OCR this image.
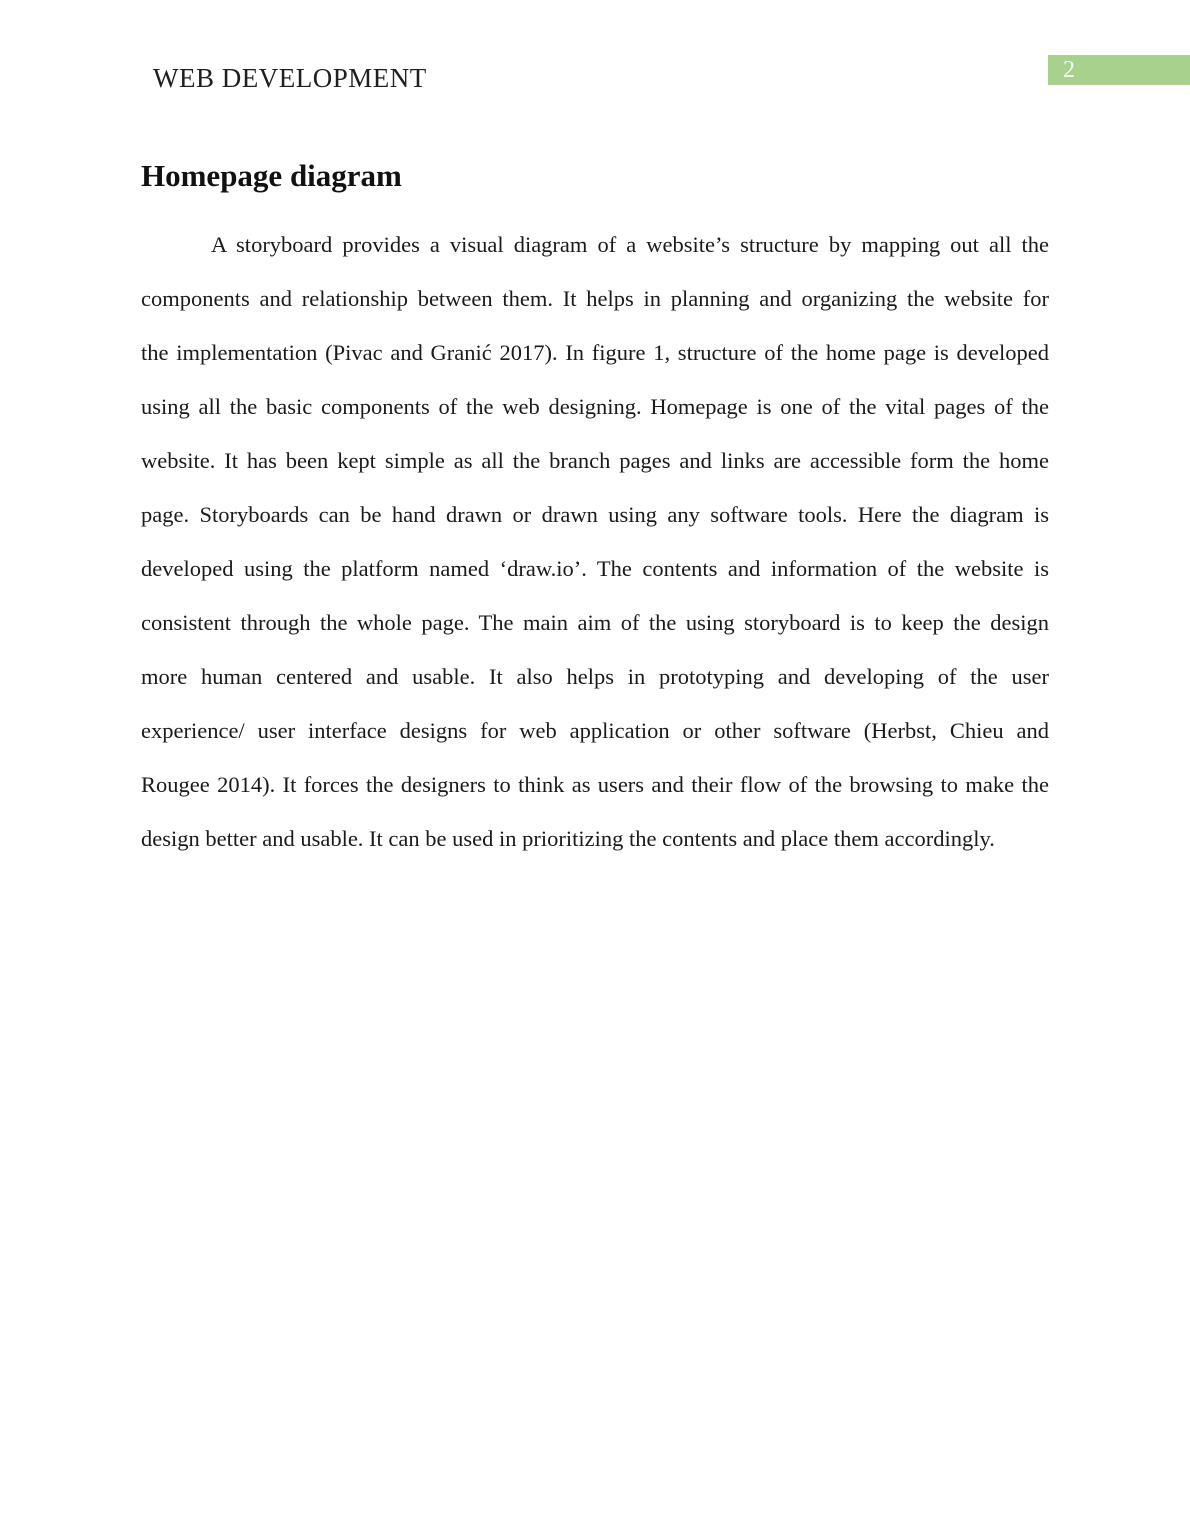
WEB DEVELOPMENT	2
Homepage diagram
A storyboard provides a visual diagram of a website’s structure by mapping out all the
components and relationship between them. It helps in planning and organizing the website for
the implementation (Pivac and Granić 2017). In figure 1, structure of the home page is developed
using all the basic components of the web designing. Homepage is one of the vital pages of the
website. It has been kept simple as all the branch pages and links are accessible form the home
page. Storyboards can be hand drawn or drawn using any software tools. Here the diagram is
developed using the platform named ‘draw.io’. The contents and information of the website is
consistent through the whole page. The main aim of the using storyboard is to keep the design
more human centered and usable. It also helps in prototyping and developing of the user
experience/ user interface designs for web application or other software (Herbst, Chieu and
Rougee 2014). It forces the designers to think as users and their flow of the browsing to make the
design better and usable. It can be used in prioritizing the contents and place them accordingly.
